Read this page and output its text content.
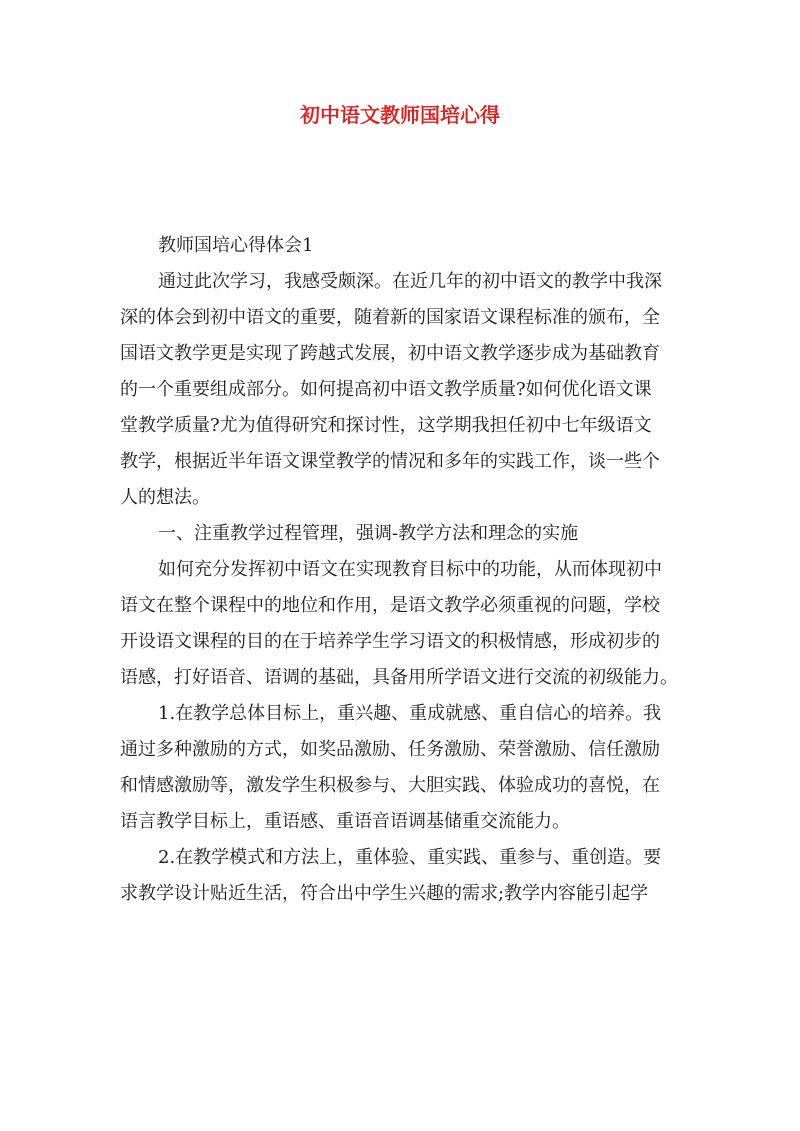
初中语文教师国培心得

教师国培心得体会1

通过此次学习，我感受颇深。在近几年的初中语文的教学中我深
深的体会到初中语文的重要，随着新的国家语文课程标准的颁布，全
国语文教学更是实现了跨越式发展，初中语文教学逐步成为基础教育
的一个重要组成部分。如何提高初中语文教学质量?如何优化语文课
堂教学质量?尤为值得研究和探讨性，这学期我担任初中七年级语文
教学，根据近半年语文课堂教学的情况和多年的实践工作，谈一些个
人的想法。

一、注重教学过程管理，强调-教学方法和理念的实施

如何充分发挥初中语文在实现教育目标中的功能，从而体现初中
语文在整个课程中的地位和作用，是语文教学必须重视的问题，学校
开设语文课程的目的在于培养学生学习语文的积极情感，形成初步的
语感，打好语音、语调的基础，具备用所学语文进行交流的初级能力。

1.在教学总体目标上，重兴趣、重成就感、重自信心的培养。我
通过多种激励的方式，如奖品激励、任务激励、荣誉激励、信任激励
和情感激励等，激发学生积极参与、大胆实践、体验成功的喜悦，在
语言教学目标上，重语感、重语音语调基储重交流能力。

2.在教学模式和方法上，重体验、重实践、重参与、重创造。要
求教学设计贴近生活，符合出中学生兴趣的需求;教学内容能引起学
